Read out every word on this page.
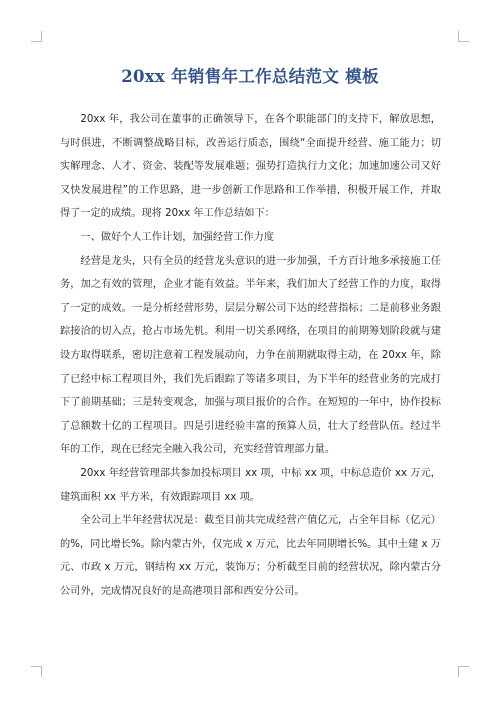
20xx 年销售年工作总结范文 模板

20xx 年，我公司在董事的正确领导下，在各个职能部门的支持下，解放思想，与时俱进，不断调整战略目标，改善运行质态，围绕“全面提升经营、施工能力；切实解理念、人才、资金、装配等发展难题；强势打造执行力文化；加速加速公司又好又快发展进程”的工作思路，进一步创新工作思路和工作举措，积极开展工作，并取得了一定的成绩。现将 20xx 年工作总结如下：

一、做好个人工作计划，加强经营工作力度

经营是龙头，只有全员的经营龙头意识的进一步加强，千方百计地多承接施工任务，加之有效的管理，企业才能有效益。半年来，我们加大了经营工作的力度，取得了一定的成效。一是分析经营形势，层层分解公司下达的经营指标；二是前移业务跟踪接洽的切入点，抢占市场先机。利用一切关系网络，在项目的前期筹划阶段就与建设方取得联系，密切注意着工程发展动向，力争在前期就取得主动，在 20xx 年，除了已经中标工程项目外，我们先后跟踪了等诸多项目，为下半年的经营业务的完成打下了前期基础；三是转变观念，加强与项目报价的合作。在短短的一年中，协作投标了总额数十亿的工程项目。四是引进经验丰富的预算人员，壮大了经营队伍。经过半年的工作，现在已经完全融入我公司，充实经营管理部力量。

20xx 年经营管理部共参加投标项目 xx 项，中标 xx 项，中标总造价 xx 万元，建筑面积 xx 平方米，有效跟踪项目 xx 项。

全公司上半年经营状况是：截至目前共完成经营产值亿元，占全年目标（亿元）的%，同比增长%。除内蒙古外，仅完成 x 万元，比去年同期增长%。其中土建 x 万元、市政 x 万元，钢结构 xx 万元，装饰万；分析截至目前的经营状况，除内蒙古分公司外，完成情况良好的是高港项目部和西安分公司。
